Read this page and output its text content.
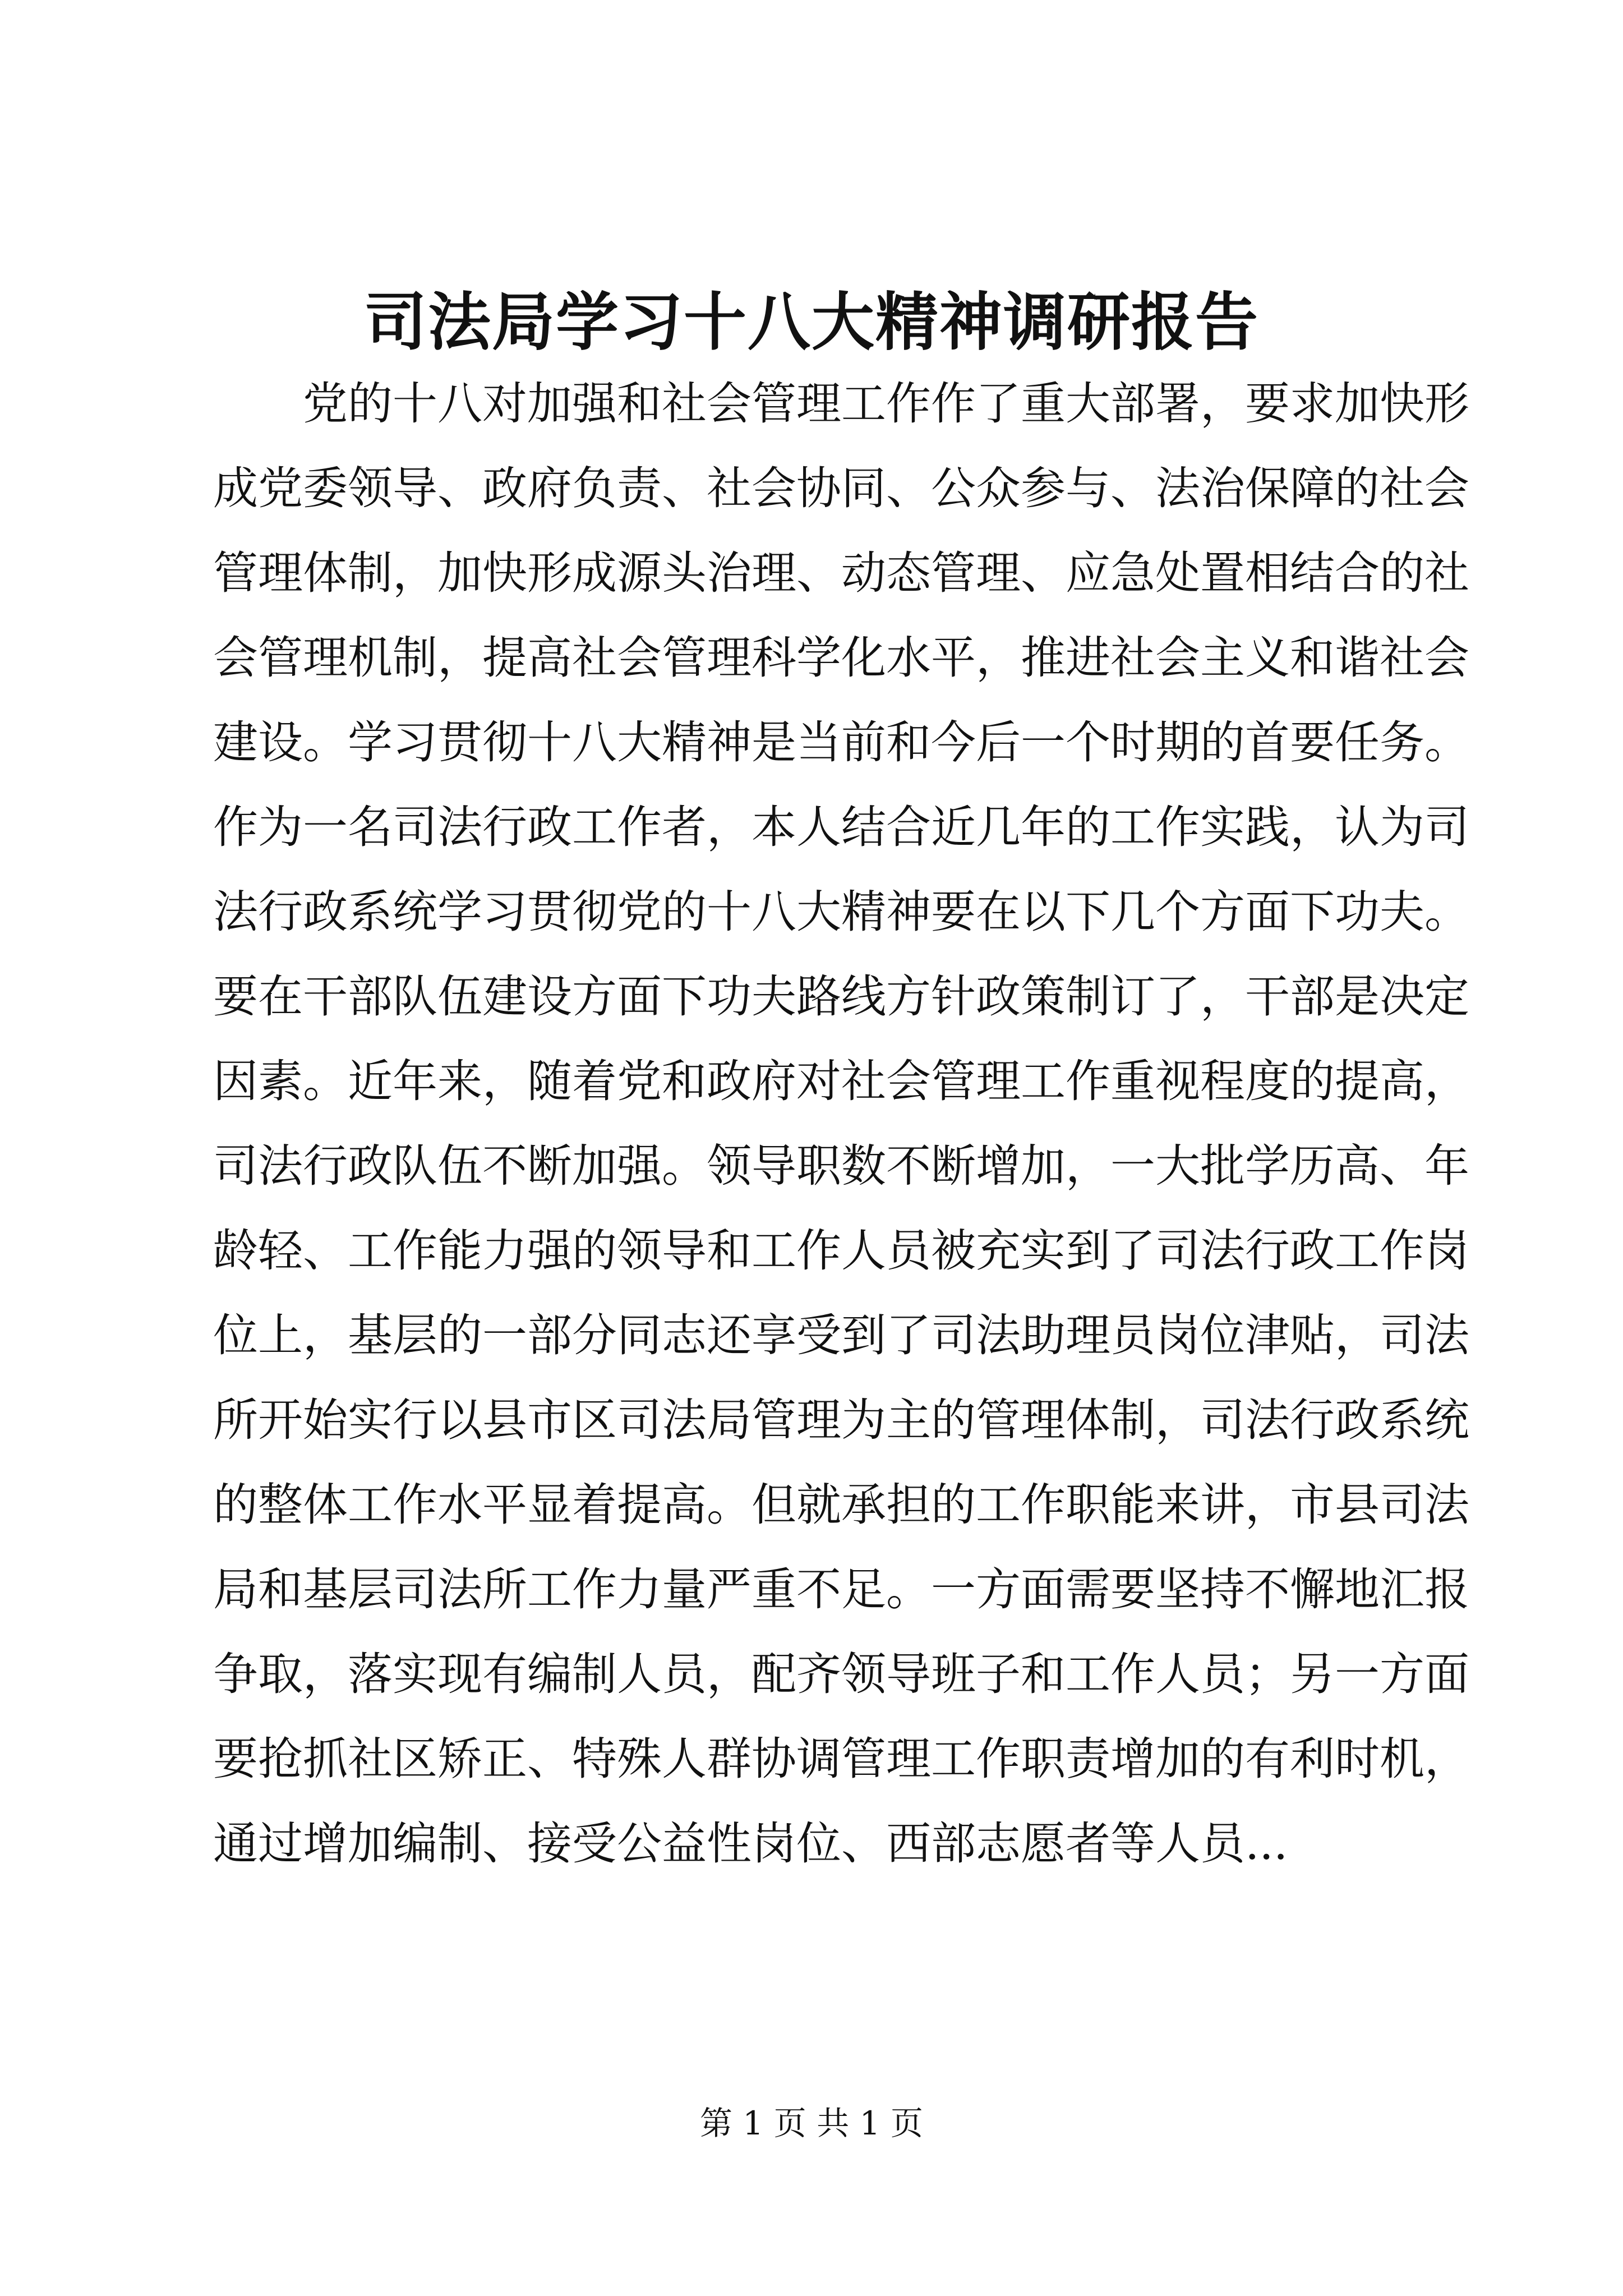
司法局学习十八大精神调研报告
党的十八对加强和社会管理工作作了重大部署，要求加快形
成党委领导、政府负责、社会协同、公众参与、法治保障的社会
管理体制，加快形成源头治理、动态管理、应急处置相结合的社
会管理机制，提高社会管理科学化水平，推进社会主义和谐社会
建设。学习贯彻十八大精神是当前和今后一个时期的首要任务。
作为一名司法行政工作者，本人结合近几年的工作实践，认为司
法行政系统学习贯彻党的十八大精神要在以下几个方面下功夫。
要在干部队伍建设方面下功夫路线方针政策制订了，干部是决定
因素。近年来，随着党和政府对社会管理工作重视程度的提高，
司法行政队伍不断加强。领导职数不断增加，一大批学历高、年
龄轻、工作能力强的领导和工作人员被充实到了司法行政工作岗
位上，基层的一部分同志还享受到了司法助理员岗位津贴，司法
所开始实行以县市区司法局管理为主的管理体制，司法行政系统
的整体工作水平显着提高。但就承担的工作职能来讲，市县司法
局和基层司法所工作力量严重不足。一方面需要坚持不懈地汇报
争取，落实现有编制人员，配齐领导班子和工作人员；另一方面
要抢抓社区矫正、特殊人群协调管理工作职责增加的有利时机，
通过增加编制、接受公益性岗位、西部志愿者等人员...
第 1 页 共 1 页
